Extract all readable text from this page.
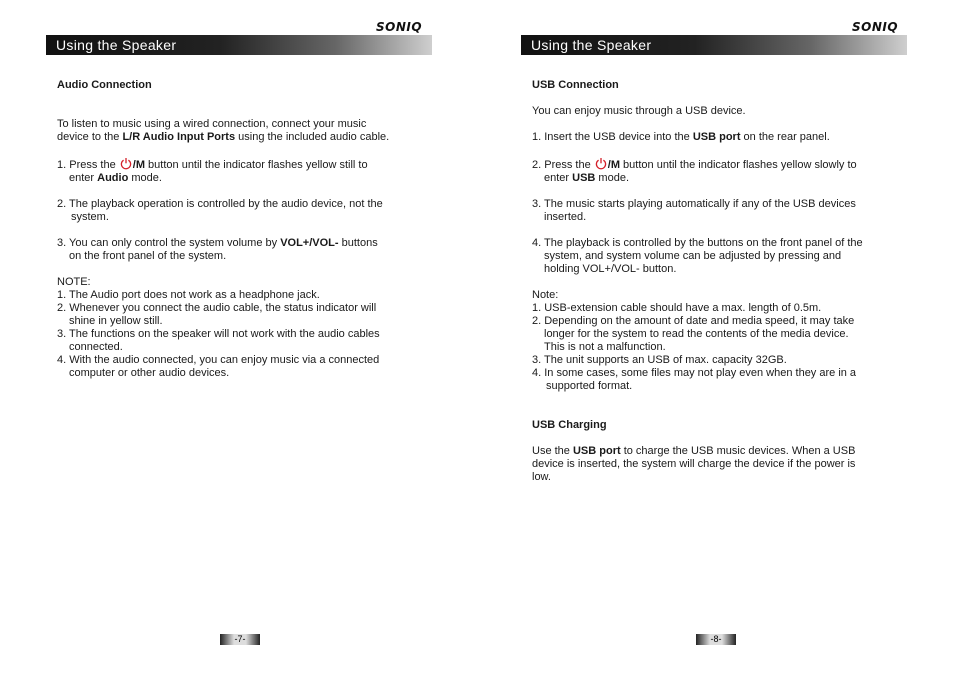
SONIQ
Using the Speaker

Audio Connection

To listen to music using a wired connection, connect your music

device to the L/R Audio Input Ports using the included audio cable.

1. Press the
/M button until the indicator flashes yellow still to

enter Audio mode.

2. The playback operation is controlled by the audio device, not the

system.

3. You can only control the system volume by VOL+/VOL- buttons

on the front panel of the system.

NOTE:

1. The Audio port does not work as a headphone jack.

2. Whenever you connect the audio cable, the status indicator will

shine in yellow still.

3. The functions on the speaker will not work with the audio cables

connected.

4. With the audio connected, you can enjoy music via a connected

computer or other audio devices.

-7-
SONIQ
Using the Speaker

USB Connection

You can enjoy music through a USB device.

1. Insert the USB device into the USB port on the rear panel.

2. Press the
/M button until the indicator flashes yellow slowly to

enter USB mode.

3. The music starts playing automatically if any of the USB devices

inserted.

4. The playback is controlled by the buttons on the front panel of the

system, and system volume can be adjusted by pressing and

holding VOL+/VOL- button.

Note:

1. USB-extension cable should have a max. length of 0.5m.

2. Depending on the amount of date and media speed, it may take

longer for the system to read the contents of the media device.

This is not a malfunction.

3. The unit supports an USB of max. capacity 32GB.

4. In some cases, some files may not play even when they are in a

supported format.

USB Charging

Use the USB port to charge the USB music devices. When a USB

device is inserted, the system will charge the device if the power is

low.

-8-
